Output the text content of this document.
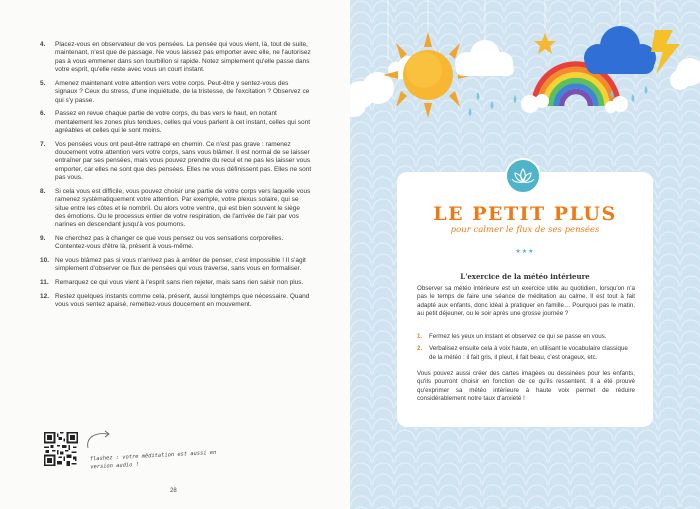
4. Placez-vous en observateur de vos pensées. La pensée qui vous vient, là, tout de suite, maintenant, n'est que de passage. Ne vous laissez pas emporter avec elle, ne l'autorisez pas à vous emmener dans son tourbillon si rapide. Notez simplement qu'elle passe dans votre esprit, qu'elle reste avec vous un court instant.
5. Amenez maintenant votre attention vers votre corps. Peut-être y sentez-vous des signaux ? Ceux du stress, d'une inquiétude, de la tristesse, de l'excitation ? Observez ce qui s'y passe.
6. Passez en revue chaque partie de votre corps, du bas vers le haut, en notant mentalement les zones plus tendues, celles qui vous parlent à cet instant, celles qui sont agréables et celles qui le sont moins.
7. Vos pensées vous ont peut-être rattrapé en chemin. Ce n'est pas grave : ramenez doucement votre attention vers votre corps, sans vous blâmer. Il est normal de se laisser entraîner par ses pensées, mais vous pouvez prendre du recul et ne pas les laisser vous emporter, car elles ne sont que des pensées. Elles ne vous définissent pas. Elles ne sont pas vous.
8. Si cela vous est difficile, vous pouvez choisir une partie de votre corps vers laquelle vous ramenez systématiquement votre attention. Par exemple, votre plexus solaire, qui se situe entre les côtes et le nombril. Ou alors votre ventre, qui est bien souvent le siège des émotions. Ou le processus entier de votre respiration, de l'arrivée de l'air par vos narines en descendant jusqu'à vos poumons.
9. Ne cherchez pas à changer ce que vous pensez ou vos sensations corporelles. Contentez-vous d'être là, présent à vous-même.
10. Ne vous blâmez pas si vous n'arrivez pas à arrêter de penser, c'est impossible ! Il s'agit simplement d'observer ce flux de pensées qui vous traverse, sans vous en formaliser.
11. Remarquez ce qui vous vient à l'esprit sans rien rejeter, mais sans rien saisir non plus.
12. Restez quelques instants comme cela, présent, aussi longtemps que nécessaire. Quand vous vous sentez apaisé, remettez-vous doucement en mouvement.
flashez : votre méditation est aussi en version audio !
28
LE PETIT PLUS
pour calmer le flux de ses pensées
★★★
L'exercice de la météo intérieure

Observer sa météo intérieure est un exercice utile au quotidien, lorsqu'on n'a pas le temps de faire une séance de méditation au calme. Il est tout à fait adapté aux enfants, donc idéal à pratiquer en famille… Pourquoi pas le matin, au petit déjeuner, ou le soir après une grosse journée ?

1. Fermez les yeux un instant et observez ce qui se passe en vous.
2. Verbalisez ensuite cela à voix haute, en utilisant le vocabulaire classique de la météo : il fait gris, il pleut, il fait beau, c'est orageux, etc.

Vous pouvez aussi créer des cartes imagées ou dessinées pour les enfants, qu'ils pourront choisir en fonction de ce qu'ils ressentent. Il a été prouvé qu'exprimer sa météo intérieure à haute voix permet de réduire considérablement notre taux d'anxiété !
